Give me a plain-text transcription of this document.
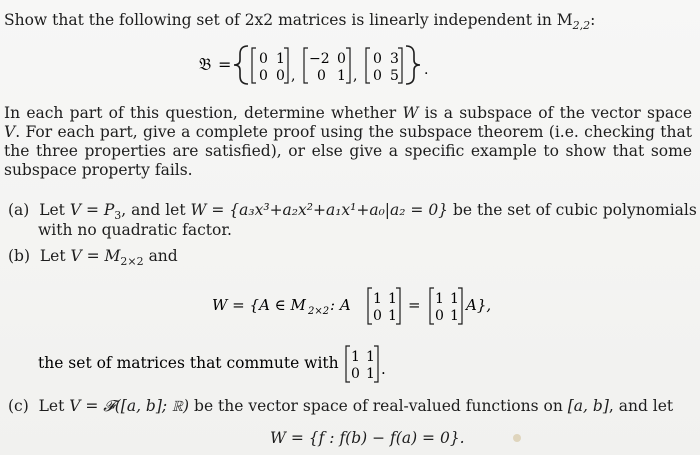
Show that the following set of 2x2 matrices is linearly independent in $M_{2,2}$:
𝔅 = 0 1
0 0 ,
−2 0
0 1 ,
0 3
0 5 .
In each part of this question, determine whether W is a subspace of the vector space V. For each part, give a complete proof using the subspace theorem (i.e. checking that the three properties are satisfied), or else give a specific example to show that some subspace property fails.
(a) Let $V = P_3$, and let W = {a₃x³+a₂x²+a₁x¹+a₀|a₂ = 0} be the set of cubic polynomials
with no quadratic factor.
(b) Let $V = M_{2\times 2}$ and
W = {A ∈ M 2×2 : A 1 1
0 1
= 1 1
0 1
A},
the set of matrices that commute with 1 1
0 1 .
(c) Let V = 𝓕([a, b]; ℝ) be the vector space of real-valued functions on [a, b], and let
W = {f : f(b) − f(a) = 0}.
